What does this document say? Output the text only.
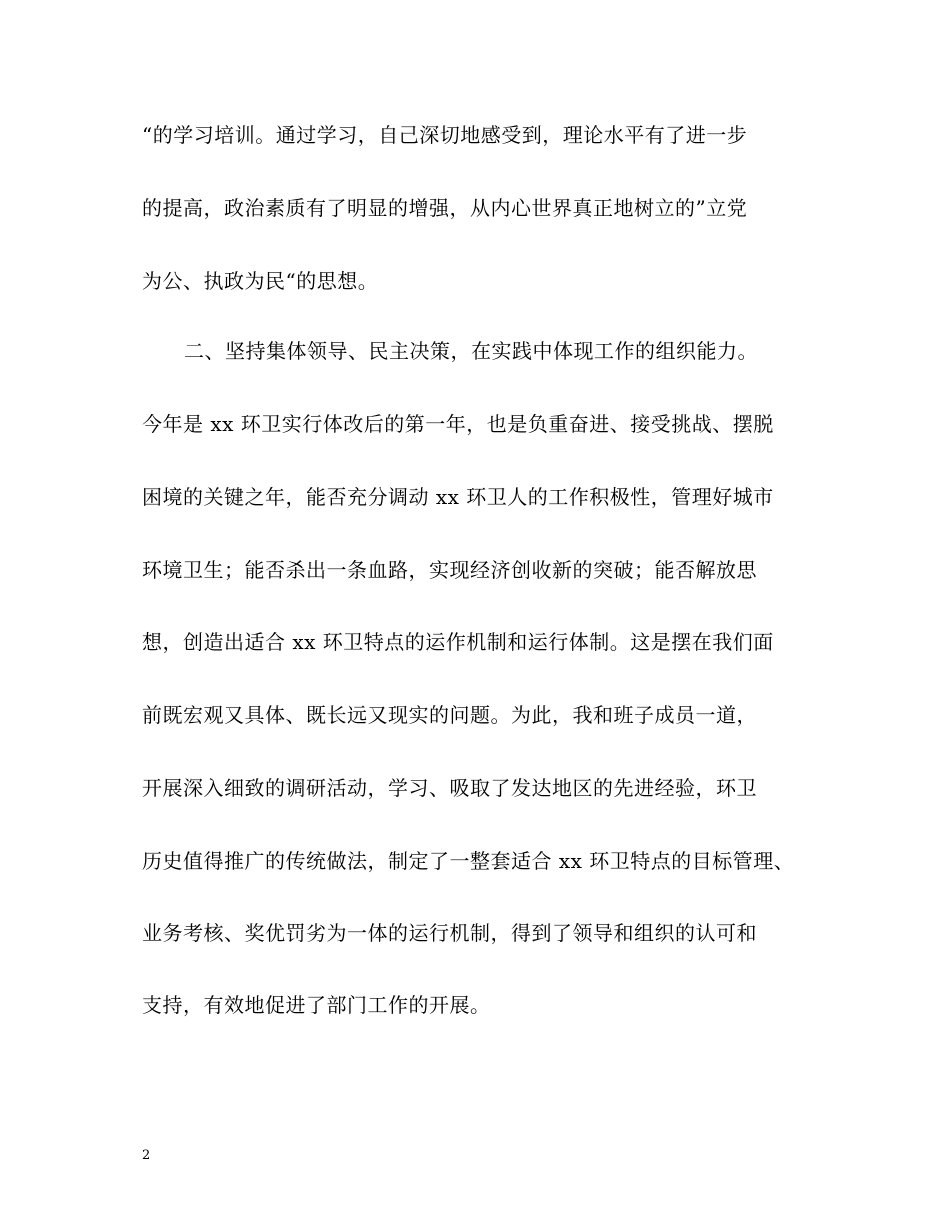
“的学习培训。通过学习，自己深切地感受到，理论水平有了进一步
的提高，政治素质有了明显的增强，从内心世界真正地树立的”立党
为公、执政为民“的思想。
二、坚持集体领导、民主决策，在实践中体现工作的组织能力。
今年是 xx 环卫实行体改后的第一年，也是负重奋进、接受挑战、摆脱
困境的关键之年，能否充分调动 xx 环卫人的工作积极性，管理好城市
环境卫生；能否杀出一条血路，实现经济创收新的突破；能否解放思
想，创造出适合 xx 环卫特点的运作机制和运行体制。这是摆在我们面
前既宏观又具体、既长远又现实的问题。为此，我和班子成员一道，
开展深入细致的调研活动，学习、吸取了发达地区的先进经验，环卫
历史值得推广的传统做法，制定了一整套适合 xx 环卫特点的目标管理、
业务考核、奖优罚劣为一体的运行机制，得到了领导和组织的认可和
支持，有效地促进了部门工作的开展。
2
